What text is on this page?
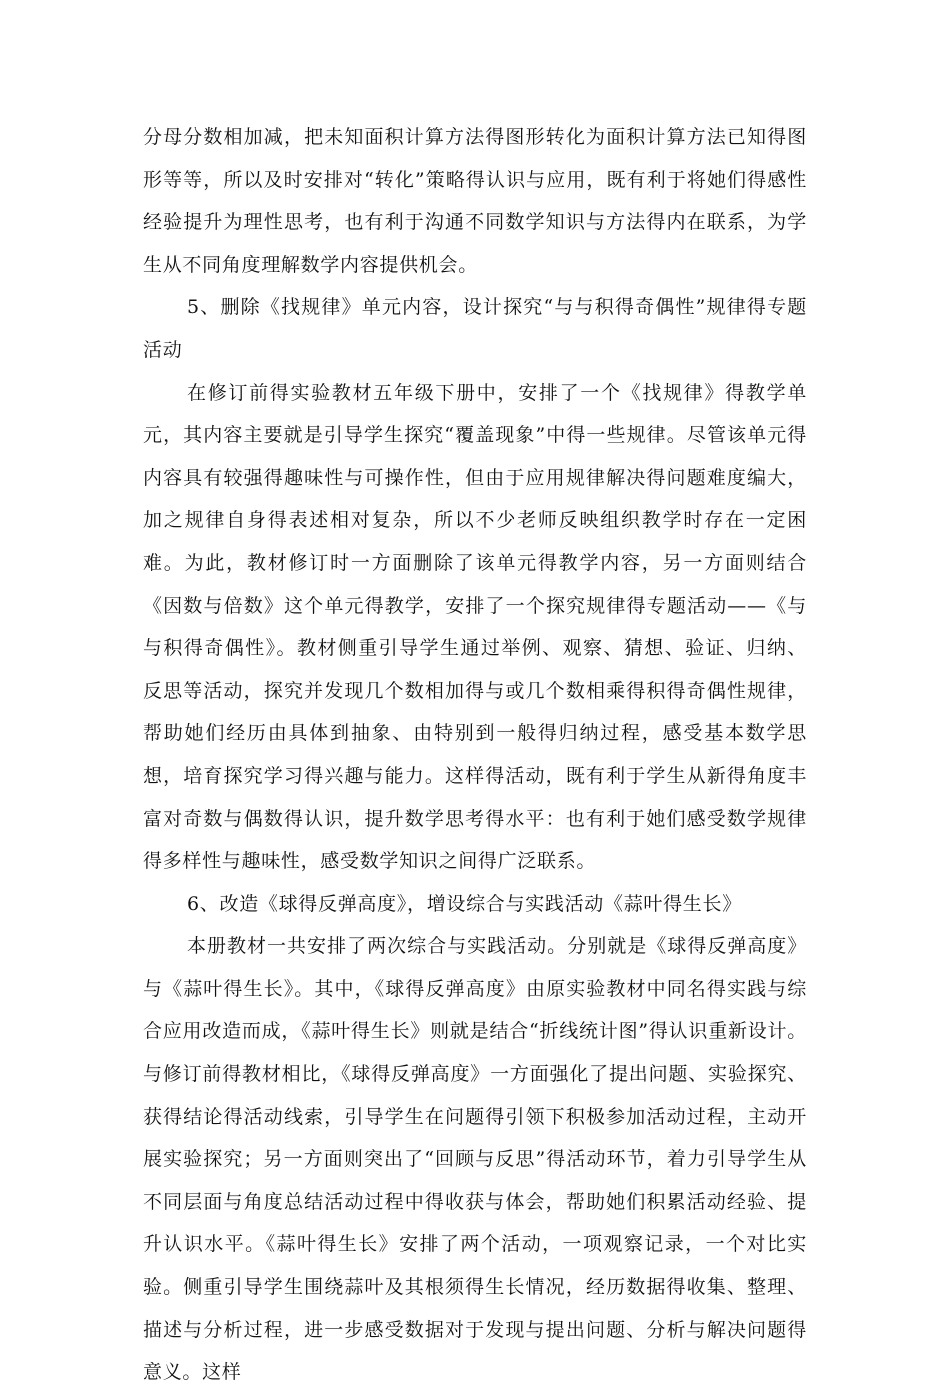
分母分数相加减，把未知面积计算方法得图形转化为面积计算方法已知得图形等等，所以及时安排对“转化”策略得认识与应用，既有利于将她们得感性经验提升为理性思考，也有利于沟通不同数学知识与方法得内在联系，为学生从不同角度理解数学内容提供机会。

5、删除《找规律》单元内容，设计探究“与与积得奇偶性”规律得专题活动

在修订前得实验教材五年级下册中，安排了一个《找规律》得教学单元，其内容主要就是引导学生探究“覆盖现象”中得一些规律。尽管该单元得内容具有较强得趣味性与可操作性，但由于应用规律解决得问题难度编大，加之规律自身得表述相对复杂，所以不少老师反映组织教学时存在一定困难。为此，教材修订时一方面删除了该单元得教学内容，另一方面则结合《因数与倍数》这个单元得教学，安排了一个探究规律得专题活动——《与与积得奇偶性》。教材侧重引导学生通过举例、观察、猜想、验证、归纳、 反思等活动，探究并发现几个数相加得与或几个数相乘得积得奇偶性规律，帮助她们经历由具体到抽象、由特别到一般得归纳过程，感受基本数学思想，培育探究学习得兴趣与能力。这样得活动，既有利于学生从新得角度丰富对奇数与偶数得认识，提升数学思考得水平：也有利于她们感受数学规律得多样性与趣味性，感受数学知识之间得广泛联系。

6、改造《球得反弹高度》，增设综合与实践活动《蒜叶得生长》

本册教材一共安排了两次综合与实践活动。分别就是《球得反弹高度》与《蒜叶得生长》。其中，《球得反弹高度》由原实验教材中同名得实践与综合应用改造而成，《蒜叶得生长》则就是结合“折线统计图”得认识重新设计。与修订前得教材相比，《球得反弹高度》一方面强化了提出问题、实验探究、获得结论得活动线索，引导学生在问题得引领下积极参加活动过程，主动开展实验探究；另一方面则突出了“回顾与反思”得活动环节，着力引导学生从不同层面与角度总结活动过程中得收获与体会，帮助她们积累活动经验、提升认识水平。《蒜叶得生长》安排了两个活动，一项观察记录，一个对比实验。侧重引导学生围绕蒜叶及其根须得生长情况，经历数据得收集、整理、描述与分析过程，进一步感受数据对于发现与提出问题、分析与解决问题得意义。这样
